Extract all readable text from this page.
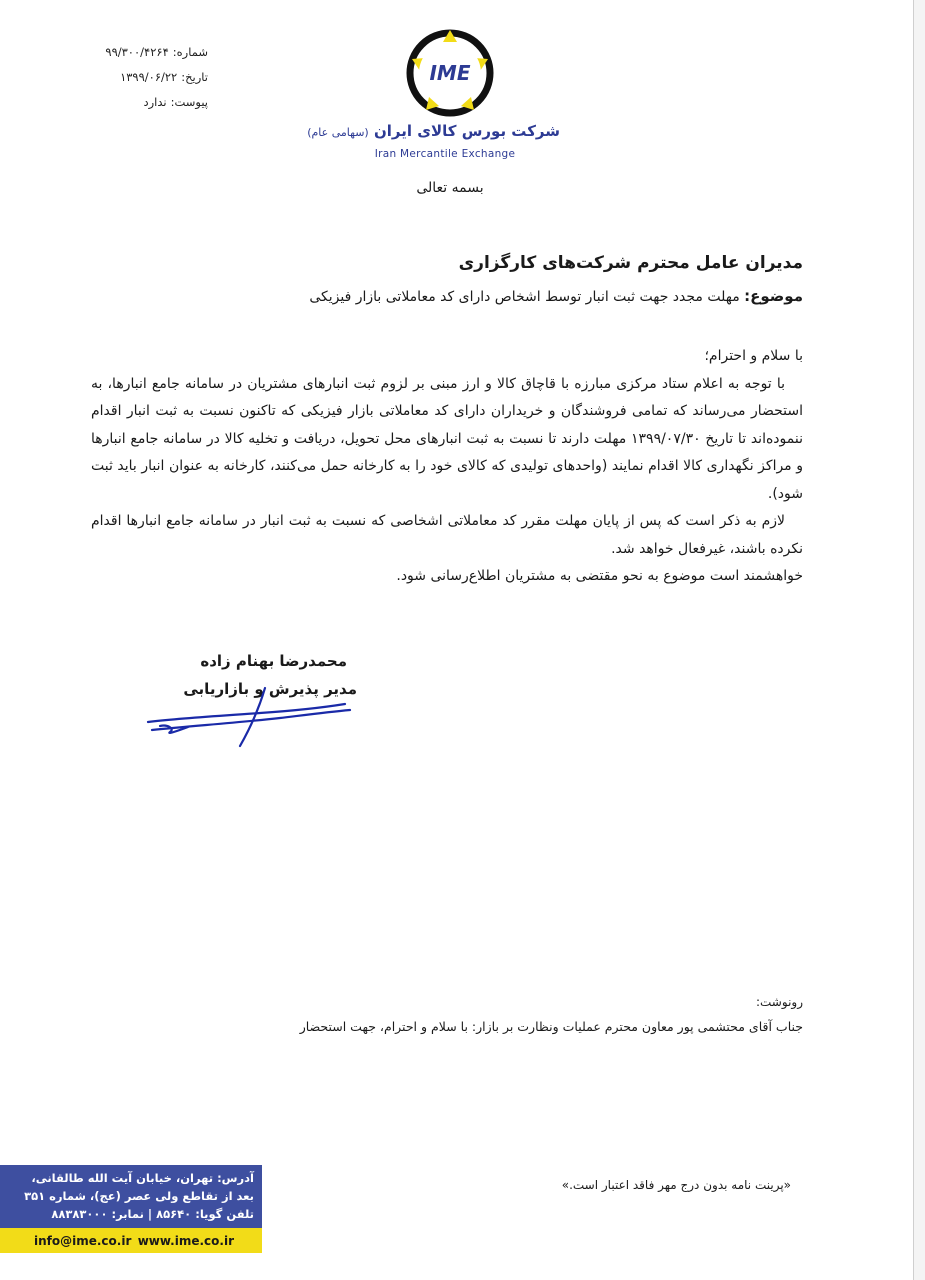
شماره:
۹۹/۳۰۰/۴۲۶۴
تاریخ:
۱۳۹۹/۰۶/۲۲
پیوست:
ندارد
IME
شرکت بورس کالای ایران (سهامی عام)
Iran Mercantile Exchange
بسمه تعالی
مدیران عامل محترم شرکت‌های کارگزاری
موضوع: مهلت مجدد جهت ثبت انبار توسط اشخاص دارای کد معاملاتی بازار فیزیکی

با سلام و احترام؛

با توجه به اعلام ستاد مرکزی مبارزه با قاچاق کالا و ارز مبنی بر لزوم ثبت انبارهای مشتریان در سامانه جامع انبارها، به استحضار می‌رساند که تمامی فروشندگان و خریداران دارای کد معاملاتی بازار فیزیکی که تاکنون نسبت به ثبت انبار اقدام ننموده‌اند تا تاریخ ۱۳۹۹/۰۷/۳۰ مهلت دارند تا نسبت به ثبت انبارهای محل تحویل، دریافت و تخلیه کالا در سامانه جامع انبارها و مراکز نگهداری کالا اقدام نمایند (واحدهای تولیدی که کالای خود را به کارخانه حمل می‌کنند، کارخانه به عنوان انبار باید ثبت شود).

لازم به ذکر است که پس از پایان مهلت مقرر کد معاملاتی اشخاصی که نسبت به ثبت انبار در سامانه جامع انبارها اقدام نکرده باشند، غیرفعال خواهد شد.

خواهشمند است موضوع به نحو مقتضی به مشتریان اطلاع‌رسانی شود.

محمدرضا بهنام زاده
مدیر پذیرش و بازاریابی
رونوشت:
جناب آقای محتشمی پور معاون محترم عملیات ونظارت بر بازار: با سلام و احترام، جهت استحضار
«پرینت نامه بدون درج مهر فاقد اعتبار است.»
آدرس: تهران، خیابان آیت الله طالقانی،
بعد از تقاطع ولی عصر (عج)، شماره ۳۵۱
تلفن گویا: ۸۵۶۴۰ | نمابر: ۸۸۳۸۳۰۰۰
info@ime.co.ir www.ime.co.ir
